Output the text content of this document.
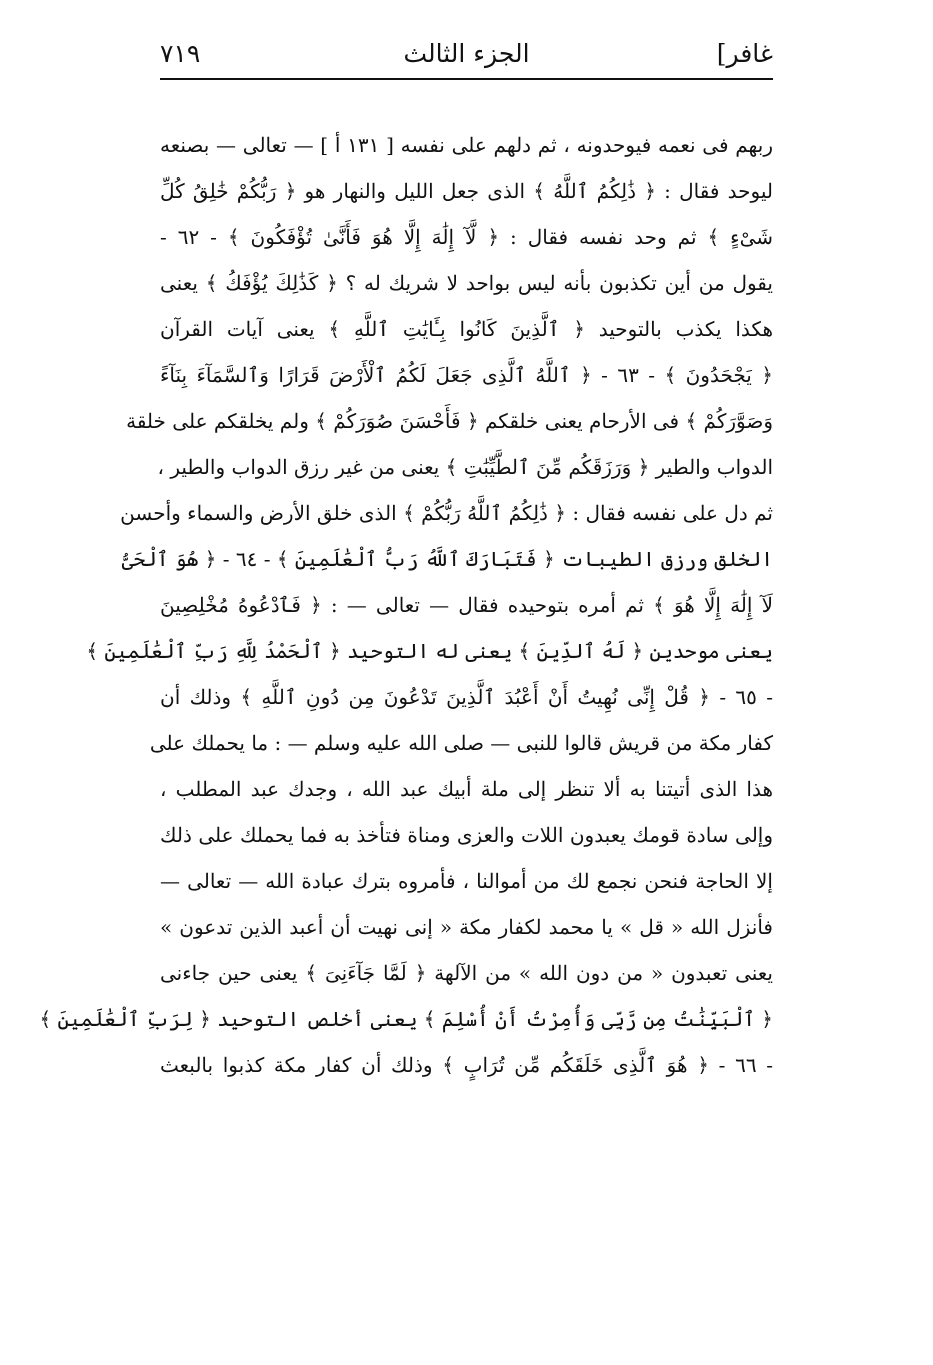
غافر]
الجزء الثالث
٧١٩
ربهم فى نعمه فيوحدونه ، ثم دلهم على نفسه [ ١٣١ أ ] — تعالى — بصنعه
ليوحد فقال : ﴿ ذَٰلِكُمُ ٱللَّهُ ﴾ الذى جعل الليل والنهار هو ﴿ رَبُّكُمْ خَٰلِقُ كُلِّ
شَىْءٍ ﴾ ثم وحد نفسه فقال : ﴿ لَّآ إِلَٰهَ إِلَّا هُوَ فَأَنَّىٰ تُؤْفَكُونَ ﴾ - ٦٢ -
يقول من أين تكذبون بأنه ليس بواحد لا شريك له ؟ ﴿ كَذَٰلِكَ يُؤْفَكُ ﴾ يعنى
هكذا يكذب بالتوحيد ﴿ ٱلَّذِينَ كَانُوا بِـَٔايَٰتِ ٱللَّهِ ﴾ يعنى آيات القرآن
﴿ يَجْحَدُونَ ﴾ - ٦٣ - ﴿ ٱللَّهُ ٱلَّذِى جَعَلَ لَكُمُ ٱلْأَرْضَ قَرَارًا وَٱلسَّمَآءَ بِنَآءً
وَصَوَّرَكُمْ ﴾ فى الأرحام يعنى خلقكم ﴿ فَأَحْسَنَ صُوَرَكُمْ ﴾ ولم يخلقكم على خلقة
الدواب والطير ﴿ وَرَزَقَكُم مِّنَ ٱلطَّيِّبَٰتِ ﴾ يعنى من غير رزق الدواب والطير ،
ثم دل على نفسه فقال : ﴿ ذَٰلِكُمُ ٱللَّهُ رَبُّكُمْ ﴾ الذى خلق الأرض والسماء وأحسن
الخلق ورزق الطيبات ﴿ فَتَبَارَكَ ٱللَّهُ رَبُّ ٱلْعَٰلَمِينَ ﴾ - ٦٤ - ﴿ هُوَ ٱلْحَىُّ
لَآ إِلَٰهَ إِلَّا هُوَ ﴾ ثم أمره بتوحيده فقال — تعالى — : ﴿ فَٱدْعُوهُ مُخْلِصِينَ
يعنى موحدين ﴿ لَهُ ٱلدِّينَ ﴾ يعنى له التوحيد ﴿ ٱلْحَمْدُ لِلَّهِ رَبِّ ٱلْعَٰلَمِينَ ﴾
- ٦٥ - ﴿ قُلْ إِنِّى نُهِيتُ أَنْ أَعْبُدَ ٱلَّذِينَ تَدْعُونَ مِن دُونِ ٱللَّهِ ﴾ وذلك أن
كفار مكة من قريش قالوا للنبى — صلى الله عليه وسلم — : ما يحملك على
هذا الذى أتيتنا به ألا تنظر إلى ملة أبيك عبد الله ، وجدك عبد المطلب ،
وإلى سادة قومك يعبدون اللات والعزى ومناة فتأخذ به فما يحملك على ذلك
إلا الحاجة فنحن نجمع لك من أموالنا ، فأمروه بترك عبادة الله — تعالى —
فأنزل الله « قل » يا محمد لكفار مكة « إنى نهيت أن أعبد الذين تدعون »
يعنى تعبدون « من دون الله » من الآلهة ﴿ لَمَّا جَآءَنِىَ ﴾ يعنى حين جاءنى
﴿ ٱلْبَيِّنَٰتُ مِن رَّبِّى وَأُمِرْتُ أَنْ أُسْلِمَ ﴾ يعنى أخلص التوحيد ﴿ لِرَبِّ ٱلْعَٰلَمِينَ ﴾
- ٦٦ - ﴿ هُوَ ٱلَّذِى خَلَقَكُم مِّن تُرَابٍ ﴾ وذلك أن كفار مكة كذبوا بالبعث
